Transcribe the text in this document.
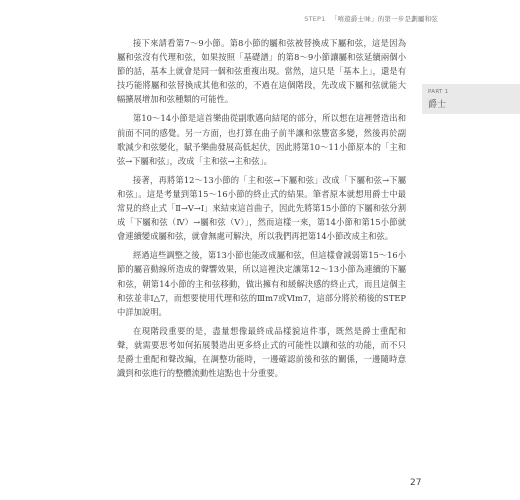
STEP1 「嘻遊爵士味」的第一步是劃屬和弦
PART 1
爵士

接下來請看第7～9小節。第8小節的屬和弦被替換成下屬和弦，這是因為屬和弦沒有代理和弦，如果按照「基礎譜」的第8～9小節讓屬和弦延續兩個小節的話，基本上就會是同一個和弦重複出現。當然，這只是「基本上」，還是有技巧能將屬和弦替換成其他和弦的，不過在這個階段，先改成下屬和弦就能大幅擴展增加和弦種類的可能性。

第10～14小節是這首樂曲從副歌邁向結尾的部分，所以想在這裡營造出和前面不同的感覺。另一方面，也打算在曲子前半讓和弦豐富多變，然後再於副歌減少和弦變化，賦予樂曲發展高低起伏，因此將第10～11小節原本的「主和弦→下屬和弦」，改成「主和弦→主和弦」。

接著，再將第12～13小節的「主和弦→下屬和弦」改成「下屬和弦→下屬和弦」。這是考量到第15～16小節的終止式的結果。筆者原本就想用爵士中最常見的終止式「Ⅱ→Ⅴ→Ⅰ」來結束這首曲子，因此先將第15小節的下屬和弦分割成「下屬和弦（Ⅳ）→屬和弦（Ⅴ）」，然而這樣一來，第14小節和第15小節就會連續變成屬和弦，就會無處可解決，所以我們再把第14小節改成主和弦。

經過這些調整之後，第13小節也能改成屬和弦，但這樣會減弱第15～16小節的屬音動線所造成的聲響效果，所以這裡決定讓第12～13小節為連續的下屬和弦，朝第14小節的主和弦移動，做出擁有和緩解決感的終止式，而且這個主和弦並非Ⅰ△7，而想要使用代理和弦的Ⅲm7或Ⅵm7，這部分將於稍後的STEP中詳加說明。

在現階段重要的是，盡量想像最終成品樣貌這件事，既然是爵士重配和聲，就需要思考如何拓展製造出更多終止式的可能性以讓和弦的功能，而不只是爵士重配和聲改編，在調整功能時，一邊確認前後和弦的關係，一邊隨時意識到和弦進行的整體流動性這點也十分重要。

27
